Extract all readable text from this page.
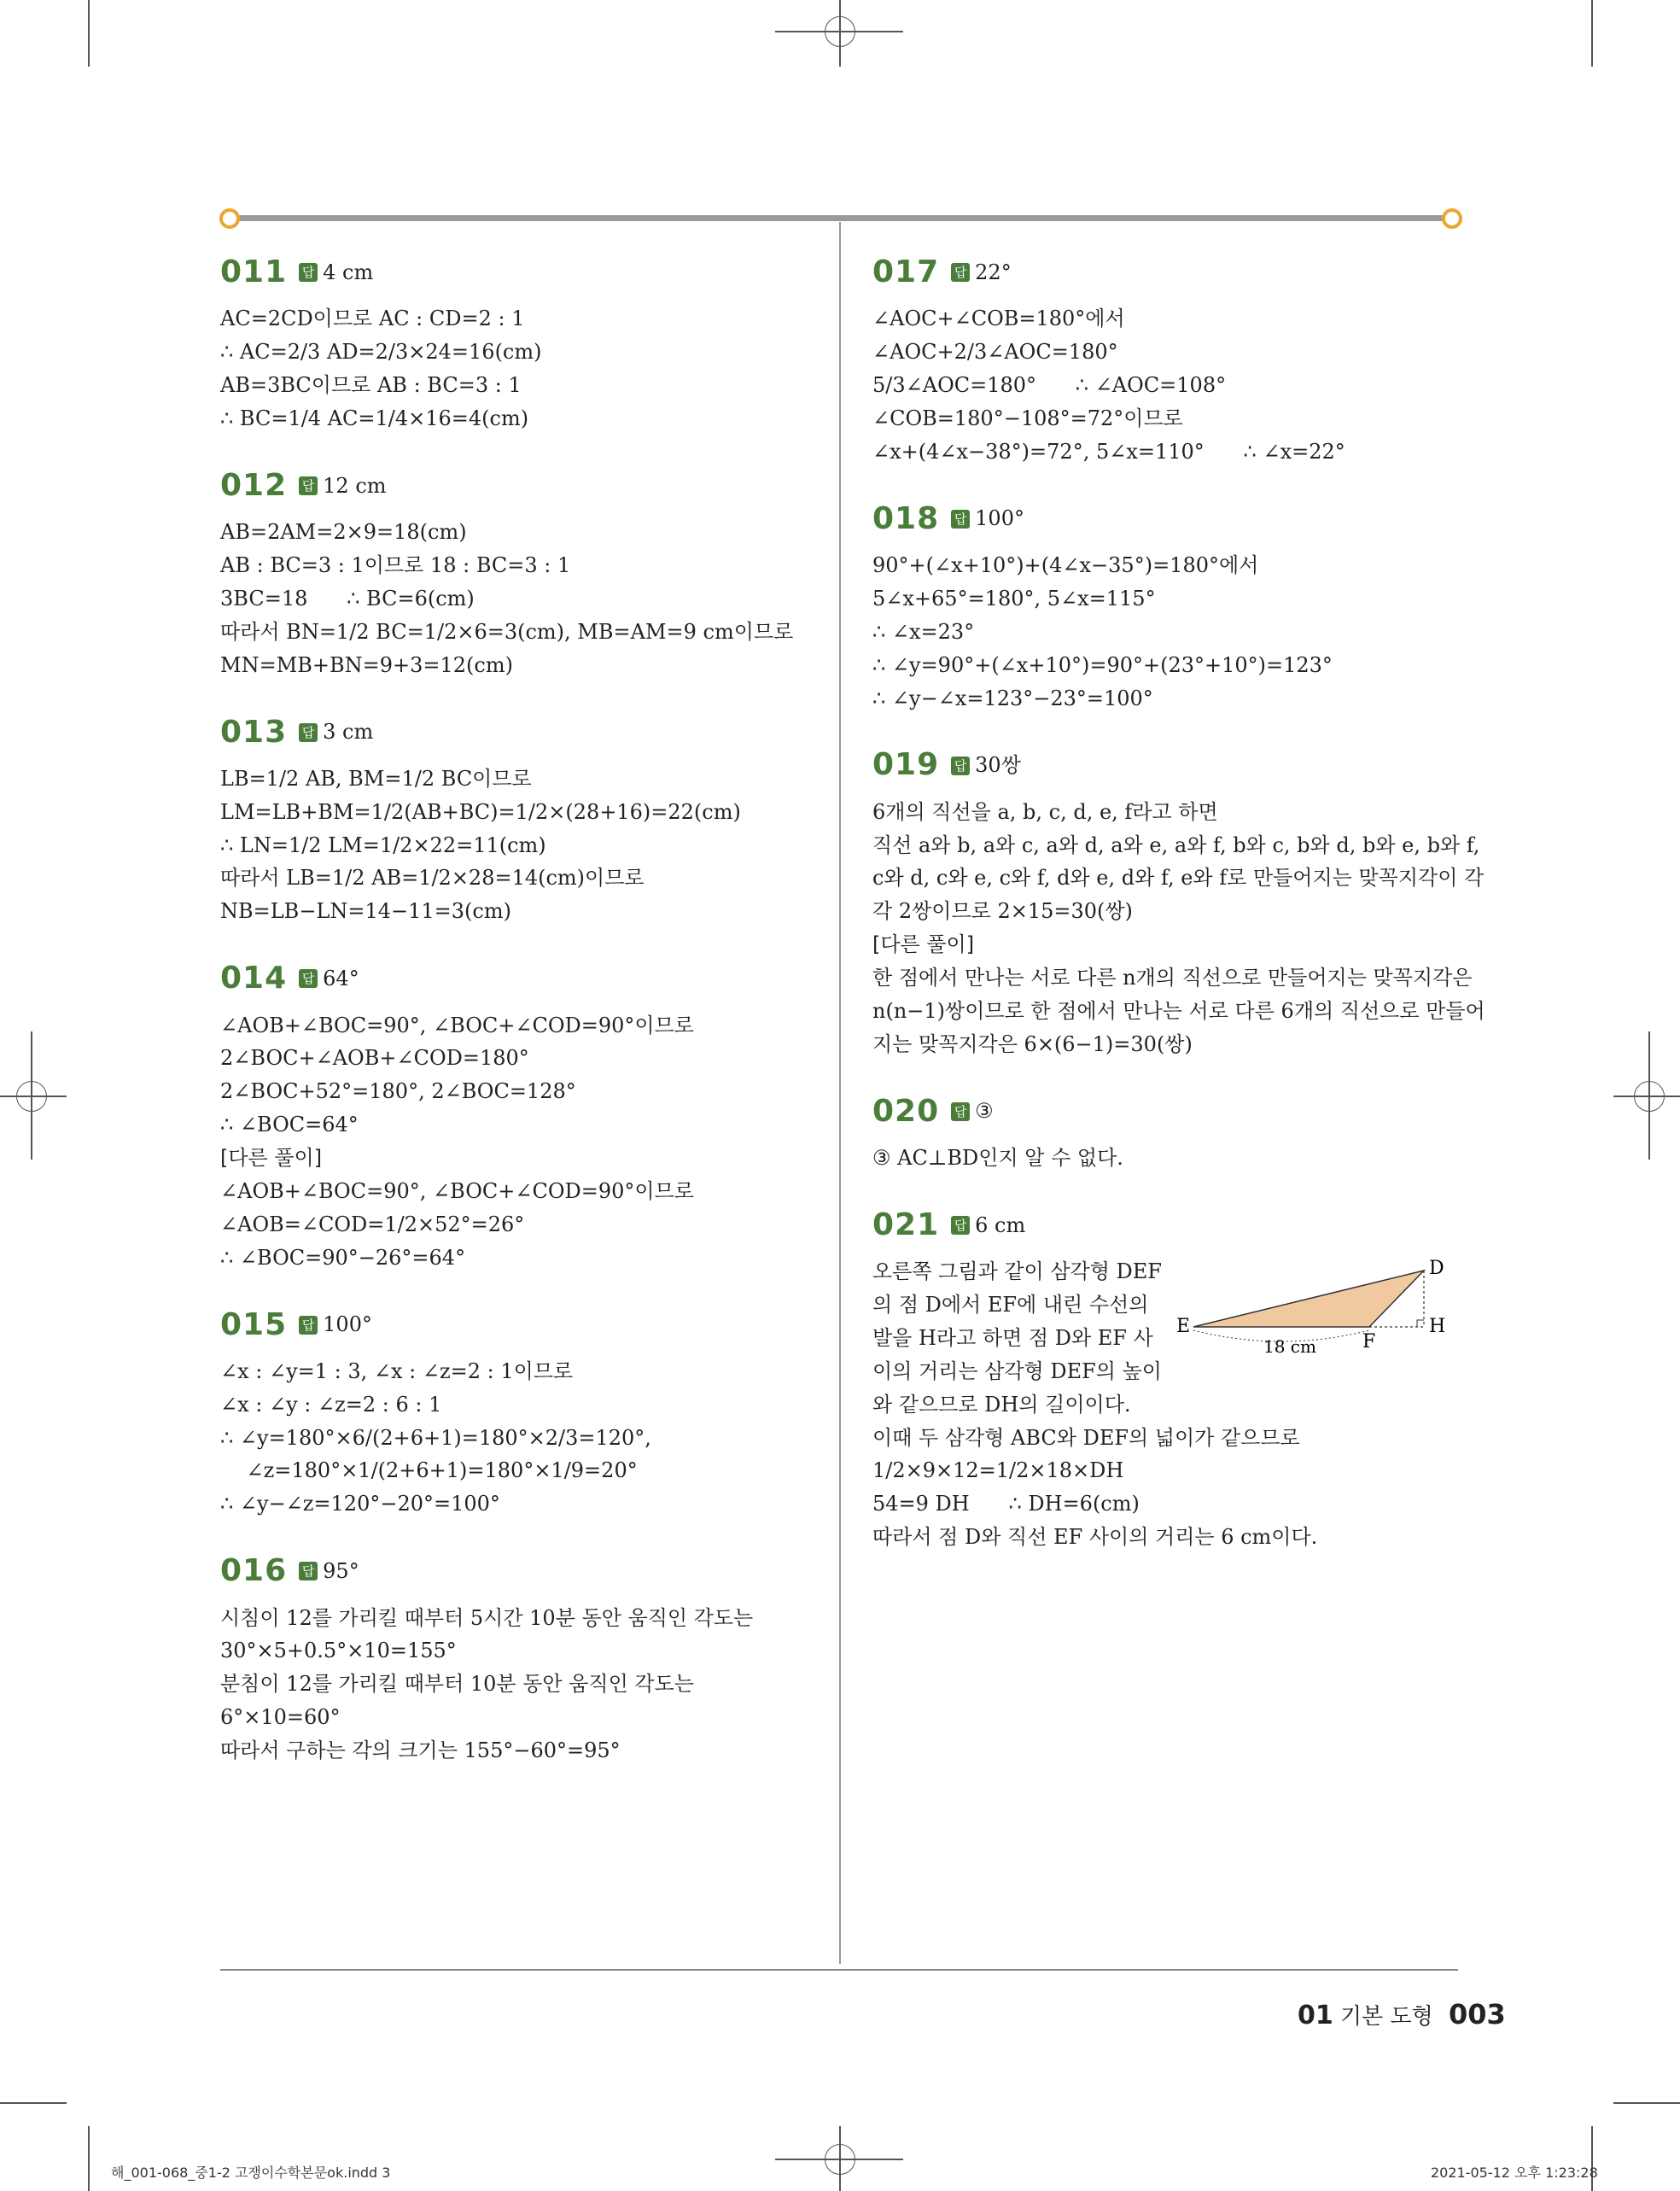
011 답 4 cm
AC=2CD이므로 AC : CD=2 : 1
∴ AC=2/3 AD=2/3×24=16(cm)
AB=3BC이므로 AB : BC=3 : 1
∴ BC=1/4 AC=1/4×16=4(cm)
012 답 12 cm
AB=2AM=2×9=18(cm)
AB : BC=3 : 1이므로 18 : BC=3 : 1
3BC=18      ∴ BC=6(cm)
따라서 BN=1/2 BC=1/2×6=3(cm), MB=AM=9 cm이므로
MN=MB+BN=9+3=12(cm)
013 답 3 cm
LB=1/2 AB, BM=1/2 BC이므로
LM=LB+BM=1/2(AB+BC)=1/2×(28+16)=22(cm)
∴ LN=1/2 LM=1/2×22=11(cm)
따라서 LB=1/2 AB=1/2×28=14(cm)이므로
NB=LB−LN=14−11=3(cm)
014 답 64°
∠AOB+∠BOC=90°, ∠BOC+∠COD=90°이므로
2∠BOC+∠AOB+∠COD=180°
2∠BOC+52°=180°, 2∠BOC=128°
∴ ∠BOC=64°
[다른 풀이]
∠AOB+∠BOC=90°, ∠BOC+∠COD=90°이므로
∠AOB=∠COD=1/2×52°=26°
∴ ∠BOC=90°−26°=64°
015 답 100°
∠x : ∠y=1 : 3, ∠x : ∠z=2 : 1이므로
∠x : ∠y : ∠z=2 : 6 : 1
∴ ∠y=180°×6/(2+6+1)=180°×2/3=120°,
∠z=180°×1/(2+6+1)=180°×1/9=20°
∴ ∠y−∠z=120°−20°=100°
016 답 95°
시침이 12를 가리킬 때부터 5시간 10분 동안 움직인 각도는
30°×5+0.5°×10=155°
분침이 12를 가리킬 때부터 10분 동안 움직인 각도는
6°×10=60°
따라서 구하는 각의 크기는 155°−60°=95°
017 답 22°
∠AOC+∠COB=180°에서
∠AOC+2/3∠AOC=180°
5/3∠AOC=180°      ∴ ∠AOC=108°
∠COB=180°−108°=72°이므로
∠x+(4∠x−38°)=72°, 5∠x=110°      ∴ ∠x=22°
018 답 100°
90°+(∠x+10°)+(4∠x−35°)=180°에서
5∠x+65°=180°, 5∠x=115°
∴ ∠x=23°
∴ ∠y=90°+(∠x+10°)=90°+(23°+10°)=123°
∴ ∠y−∠x=123°−23°=100°
019 답 30쌍
6개의 직선을 a, b, c, d, e, f라고 하면
직선 a와 b, a와 c, a와 d, a와 e, a와 f, b와 c, b와 d, b와 e, b와 f,
c와 d, c와 e, c와 f, d와 e, d와 f, e와 f로 만들어지는 맞꼭지각이 각
각 2쌍이므로 2×15=30(쌍)
[다른 풀이]
한 점에서 만나는 서로 다른 n개의 직선으로 만들어지는 맞꼭지각은
n(n−1)쌍이므로 한 점에서 만나는 서로 다른 6개의 직선으로 만들어
지는 맞꼭지각은 6×(6−1)=30(쌍)
020 답 ③
③ AC⊥BD인지 알 수 없다.
021 답 6 cm
오른쪽 그림과 같이 삼각형 DEF
의 점 D에서 EF에 내린 수선의
발을 H라고 하면 점 D와 EF 사
이의 거리는 삼각형 DEF의 높이
와 같으므로 DH의 길이이다.
D
E
F
H
18 cm
이때 두 삼각형 ABC와 DEF의 넓이가 같으므로
1/2×9×12=1/2×18×DH
54=9 DH      ∴ DH=6(cm)
따라서 점 D와 직선 EF 사이의 거리는 6 cm이다.
01 기본 도형 003
해_001-068_중1-2 고쟁이수학본문ok.indd 3	2021-05-12 오후 1:23:28
